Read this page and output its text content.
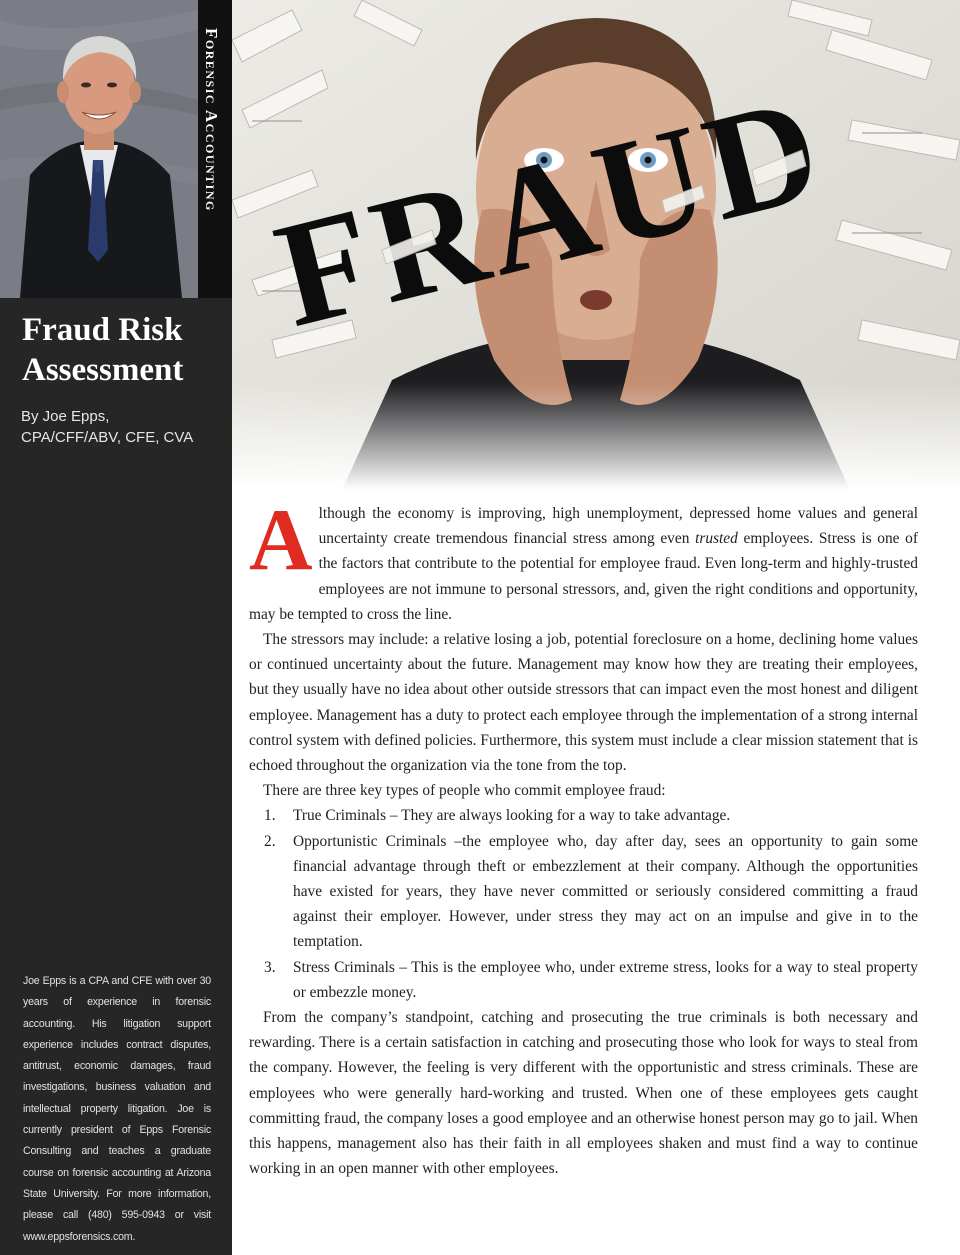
Forensic Accounting
Fraud Risk
Assessment
By Joe Epps,
CPA/CFF/ABV, CFE, CVA
Joe Epps is a CPA and CFE with over 30 years of experience in forensic accounting. His litigation support experience includes contract disputes, antitrust, economic damages, fraud investigations, business valuation and intellectual property litigation. Joe is currently president of Epps Forensic Consulting and teaches a graduate course on forensic accounting at Arizona State University. For more information, please call (480) 595-0943 or visit www.eppsforensics.com.

Although the economy is improving, high unemployment, depressed home values and general uncertainty create tremendous financial stress among even trusted employees. Stress is one of the factors that contribute to the potential for employee fraud. Even long-term and highly-trusted employees are not immune to personal stressors, and, given the right conditions and opportunity, may be tempted to cross the line.

The stressors may include: a relative losing a job, potential foreclosure on a home, declining home values or continued uncertainty about the future. Management may know how they are treating their employees, but they usually have no idea about other outside stressors that can impact even the most honest and diligent employee. Management has a duty to protect each employee through the implementation of a strong internal control system with defined policies. Furthermore, this system must include a clear mission statement that is echoed throughout the organization via the tone from the top.

There are three key types of people who commit employee fraud:

1. True Criminals – They are always looking for a way to take advantage.
2. Opportunistic Criminals –the employee who, day after day, sees an opportunity to gain some financial advantage through theft or embezzlement at their company. Although the opportunities have existed for years, they have never committed or seriously considered committing a fraud against their employer. However, under stress they may act on an impulse and give in to the temptation.
3. Stress Criminals – This is the employee who, under extreme stress, looks for a way to steal property or embezzle money.

From the company’s standpoint, catching and prosecuting the true criminals is both necessary and rewarding. There is a certain satisfaction in catching and prosecuting those who look for ways to steal from the company. However, the feeling is very different with the opportunistic and stress criminals. These are employees who were generally hard-working and trusted. When one of these employees gets caught committing fraud, the company loses a good employee and an otherwise honest person may go to jail. When this happens, management also has their faith in all employees shaken and must find a way to continue working in an open manner with other employees.
